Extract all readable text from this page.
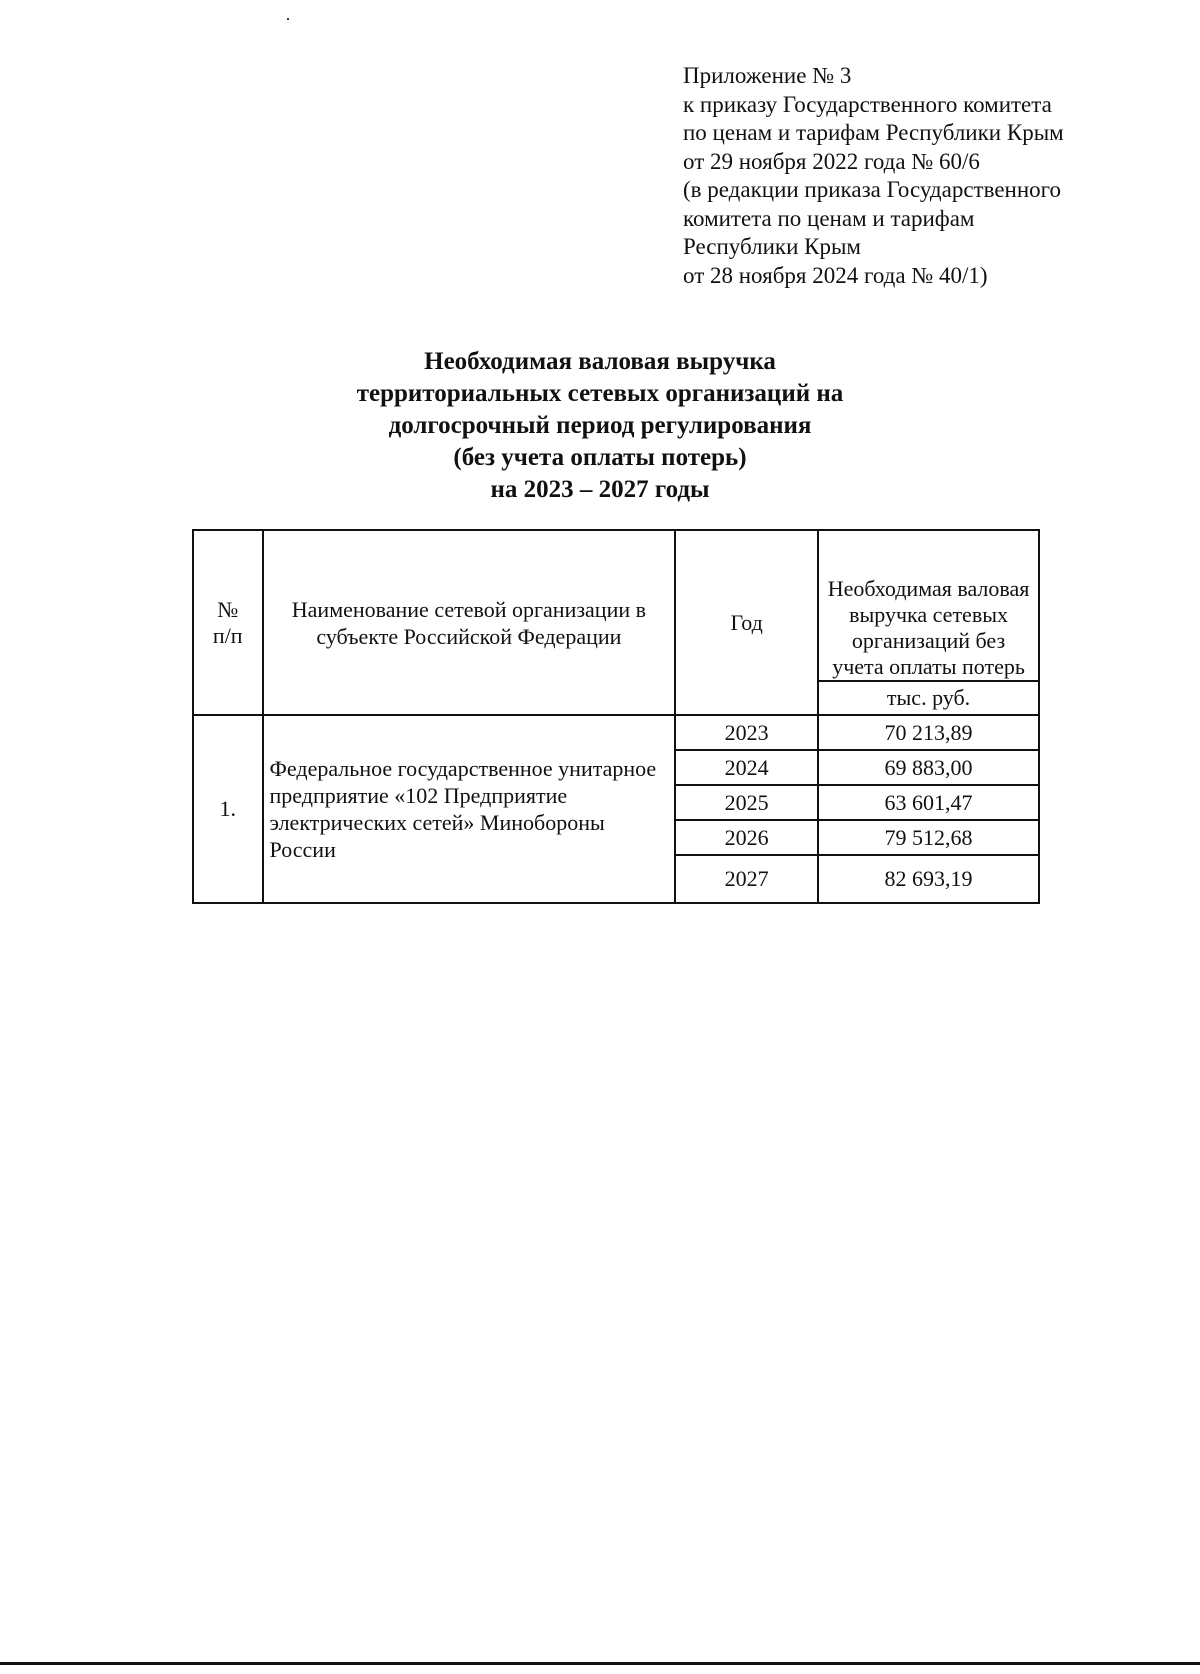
Приложение № 3
к приказу Государственного комитета
по ценам и тарифам Республики Крым
от 29 ноября 2022 года № 60/6
(в редакции приказа Государственного
комитета по ценам и тарифам
Республики Крым
от 28 ноября 2024 года № 40/1)
Необходимая валовая выручка
территориальных сетевых организаций на
долгосрочный период регулирования
(без учета оплаты потерь)
на 2023 – 2027 годы
№
п/п	Наименование сетевой организации в субъекте Российской Федерации	Год	Необходимая валовая выручка сетевых организаций без учета оплаты потерь
			тыс. руб.
1.	Федеральное государственное унитарное предприятие «102 Предприятие электрических сетей» Минобороны России	2023	70 213,89
		2024	69 883,00
		2025	63 601,47
		2026	79 512,68
		2027	82 693,19
